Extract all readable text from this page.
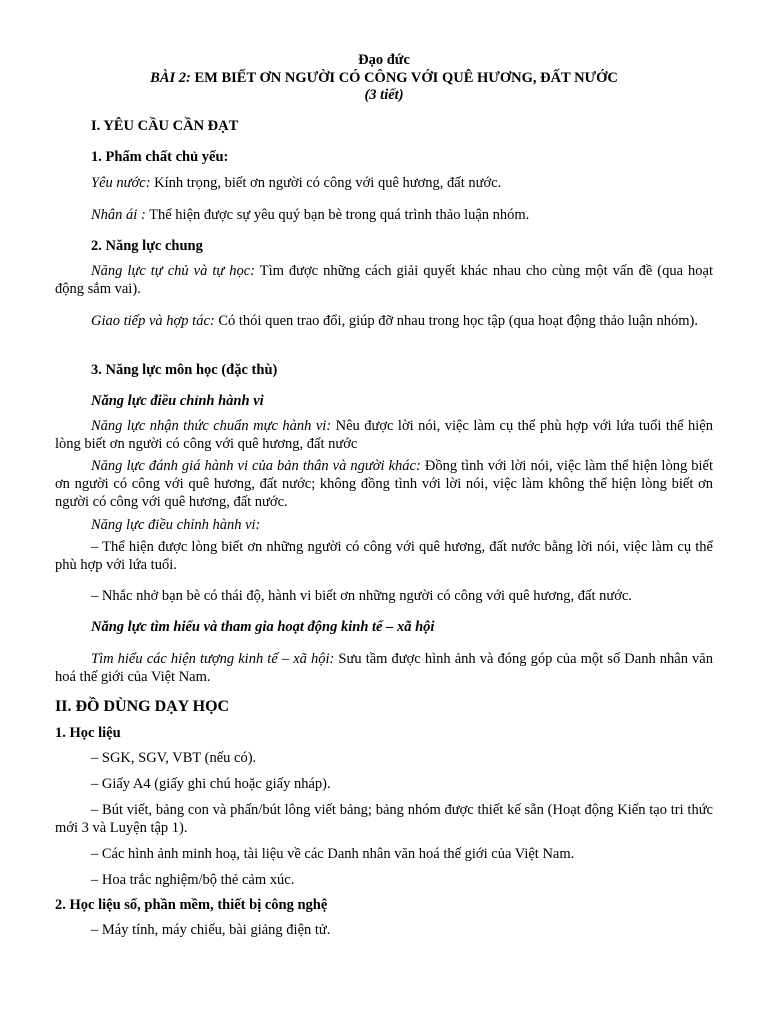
Đạo đức

BÀI 2: EM BIẾT ƠN NGƯỜI CÓ CÔNG VỚI QUÊ HƯƠNG, ĐẤT NƯỚC

(3 tiết)

I. YÊU CẦU CẦN ĐẠT

1. Phẩm chất chủ yếu:

Yêu nước: Kính trọng, biết ơn người có công với quê hương, đất nước.

Nhân ái : Thể hiện được sự yêu quý bạn bè trong quá trình thảo luận nhóm.

2. Năng lực chung

Năng lực tự chủ và tự học: Tìm được những cách giải quyết khác nhau cho cùng một vấn đề (qua hoạt động sắm vai).

Giao tiếp và hợp tác: Có thói quen trao đổi, giúp đỡ nhau trong học tập (qua hoạt động thảo luận nhóm).

3. Năng lực môn học (đặc thù)

Năng lực điều chỉnh hành vi

Năng lực nhận thức chuẩn mực hành vi: Nêu được lời nói, việc làm cụ thể phù hợp với lứa tuổi thể hiện lòng biết ơn người có công với quê hương, đất nước

Năng lực đánh giá hành vi của bản thân và người khác: Đồng tình với lời nói, việc làm thể hiện lòng biết ơn người có công với quê hương, đất nước; không đồng tình với lời nói, việc làm không thể hiện lòng biết ơn người có công với quê hương, đất nước.

Năng lực điều chỉnh hành vi:

– Thể hiện được lòng biết ơn những người có công với quê hương, đất nước bằng lời nói, việc làm cụ thể phù hợp với lứa tuổi.

– Nhắc nhở bạn bè có thái độ, hành vi biết ơn những người có công với quê hương, đất nước.

Năng lực tìm hiểu và tham gia hoạt động kinh tế – xã hội

Tìm hiểu các hiện tượng kinh tế – xã hội: Sưu tầm được hình ảnh và đóng góp của một số Danh nhân văn hoá thế giới của Việt Nam.

II. ĐỒ DÙNG DẠY HỌC

1. Học liệu

– SGK, SGV, VBT (nếu có).

– Giấy A4 (giấy ghi chú hoặc giấy nháp).

– Bút viết, bảng con và phấn/bút lông viết bảng; bảng nhóm được thiết kế sẵn (Hoạt động Kiến tạo tri thức mới 3 và Luyện tập 1).

– Các hình ảnh minh hoạ, tài liệu về các Danh nhân văn hoá thế giới của Việt Nam.

– Hoa trắc nghiệm/bộ thẻ cảm xúc.

2. Học liệu số, phần mềm, thiết bị công nghệ

– Máy tính, máy chiếu, bài giảng điện tử.
